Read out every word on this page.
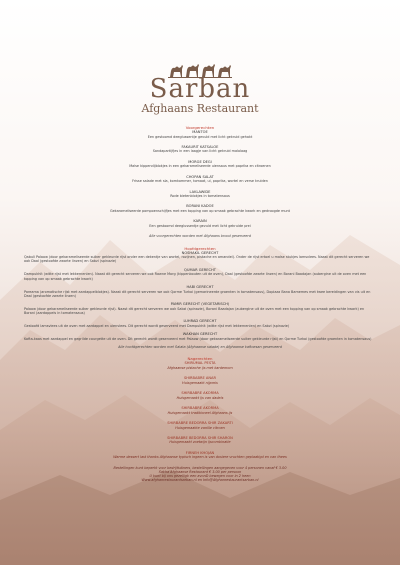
Sarban
Afghaans Restaurant
Voorgerechten
MANTOE
Een gestoomd deeglussentje gevuld met licht gekruid gehakt
FAKAURIT KATSALOE
Sandapartijfjes in een laagje van licht gekruid malolaag
MORGE DEGI
Malse kippendijblokjes in een gekarameliseerde uiensaus met paprika en citroenen
CHOPAN SALAT
Frisse salade met sla, komkommer, tomaat, ui, paprika, wortel en verse kruiden
LAKLAWIDE
Rode bietenblokjes in tomatensaus
BORANI KADOE
Gekarameliseerde pompoenschijfjes met een topping van op smaak gebrachte kwark en gedroogde munt
KARAIN
Een gestoomd deeglussentje gevuld met licht gekruide prei
Alle voorgerechten worden met Afghaans brood geserveerd
Hoofdgerechten
NOSHAKIL GERECHT
Qabuli Palaow (door gekarameliseerde suiker gekleurde rijst onder een dekentje van wortel, rozijnen, pistache en amandel). Onder de rijst ertoel u malse stukjes lamsvlees. Naast dit gerecht serveren we ook Daal (gestoofde zwarte linzen) en Sabzi (spinazie)
QUMAR GERECHT
Dampukhit (witte rijst met lekkernenlen). Naast dit gerecht serveren we ook Rawne Morg (kippenbouten uit de oven), Daal (gestoofde zwarte linzen) en Borani Baadajan (aubergine uit de oven met een topping van op smaak gebrachte kwark)
HABI GERECHT
Pareama (aromatische rijst met aardappelblokjes). Naast dit gerecht serveren we ook Qorme Turkoi (gemarineerde groenten in tomatensaus), Dopiaza Bana Bamemes met twee bereidingen van vis uit en Daal (gestoofde zwarte linzen)
PAMIR GERECHT (VEGETARISCH)
Palaow (door gekarameliseerde suiker gekleurde rijst). Naast dit gerecht serveren we ook Sabzi (spinazie), Borani Baadajan (aubergine uit de oven met een topping van op smaak gebrachte kwark) en Borani (aardappels in tomatensaus)
LUHRAD GERECHT
Gestoofd lamsvlees uit de oven met aardappel en uienvlees. Dit gerecht wordt geserveerd met Dampukhit (witte rijst met lekkernenlen) en Sabzi (spinazie)
WAKHAN GERECHT
Kofta-kaas met aardappel en gegrilde courgette uit de oven. Dit gerecht wordt geserveerd met Palaow (door gekarameliseerde suiker gekleurde rijst) en Qorme Turkoi (gestoofde groenten in tomatensaus)
Alle hoofdgerechten worden met Salata (Afghaanse salade) en Afghaanse kaftoesan geserveerd
Nagerechten
SHIRUMAL PESTA
Afghaanse pistache ijs met kardemom
SHIRBABRE ANAR
Huisgemaakt nijpmis
SHIRBABRE AKORMA
Huisgemaakt ijs van dadels
SHIRBABRE AKORMA
Huisgemaakt traditioneel Afghaans ijs
SHIRBABRE BEDORRA SHIR ZAKARTI
Huisgemaakte vanille citroen
SHIRBABRE BEDORRA SHIR SHARON
Huisgemaakt zoetwijn ijscombinatie
FIRNEH KHOJAN
Warme dessert last thanks Afghaanse typisch ingeen is van dosiere vruchten geplaatigd en van thees
Bestellingen kunt beperkt voor bedrijfsdiners, bestellingen aangegeven voor 4 personen vanaf € 3.00
Sakha Afghaanse Restaurant € 3.00 per persoon
U kunt bij ons gezelligk een avonD bewegen voor in 2 heen
Www.afghanrestaurantsarban.nl en Info@Afghanrestaurantsarban.nl
